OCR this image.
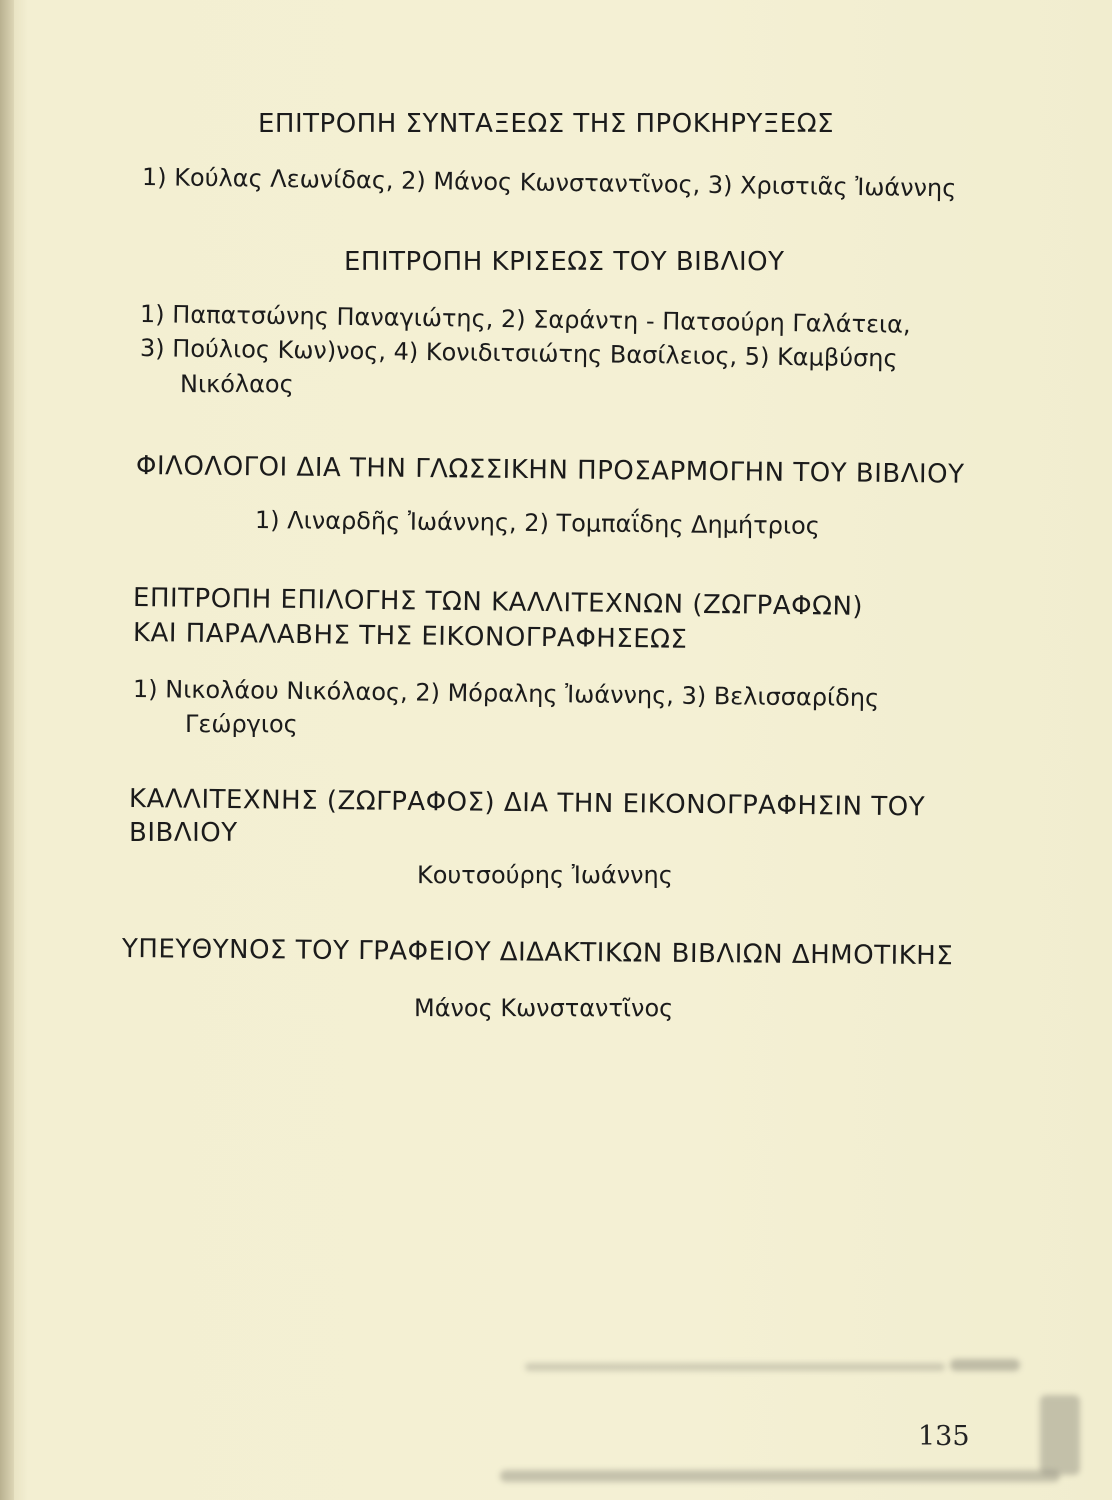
ΕΠΙΤΡΟΠΗ ΣΥΝΤΑΞΕΩΣ ΤΗΣ ΠΡΟΚΗΡΥΞΕΩΣ
1) Κούλας Λεωνίδας, 2) Μάνος Κωνσταντῖνος, 3) Χριστιᾶς Ἰωάννης
ΕΠΙΤΡΟΠΗ ΚΡΙΣΕΩΣ ΤΟΥ ΒΙΒΛΙΟΥ
1) Παπατσώνης Παναγιώτης, 2) Σαράντη - Πατσούρη Γαλάτεια,
3) Πούλιος Κων)νος, 4) Κονιδιτσιώτης Βασίλειος, 5) Καμβύσης
Νικόλαος
ΦΙΛΟΛΟΓΟΙ ΔΙΑ ΤΗΝ ΓΛΩΣΣΙΚΗΝ ΠΡΟΣΑΡΜΟΓΗΝ ΤΟΥ ΒΙΒΛΙΟΥ
1) Λιναρδῆς Ἰωάννης, 2) Τομπαΐδης Δημήτριος
ΕΠΙΤΡΟΠΗ ΕΠΙΛΟΓΗΣ ΤΩΝ ΚΑΛΛΙΤΕΧΝΩΝ (ΖΩΓΡΑΦΩΝ)
ΚΑΙ ΠΑΡΑΛΑΒΗΣ ΤΗΣ ΕΙΚΟΝΟΓΡΑΦΗΣΕΩΣ
1) Νικολάου Νικόλαος, 2) Μόραλης Ἰωάννης, 3) Βελισσαρίδης
Γεώργιος
ΚΑΛΛΙΤΕΧΝΗΣ (ΖΩΓΡΑΦΟΣ) ΔΙΑ ΤΗΝ ΕΙΚΟΝΟΓΡΑΦΗΣΙΝ ΤΟΥ
ΒΙΒΛΙΟΥ
Κουτσούρης Ἰωάννης
ΥΠΕΥΘΥΝΟΣ ΤΟΥ ΓΡΑΦΕΙΟΥ ΔΙΔΑΚΤΙΚΩΝ ΒΙΒΛΙΩΝ ΔΗΜΟΤΙΚΗΣ
Μάνος Κωνσταντῖνος
135
